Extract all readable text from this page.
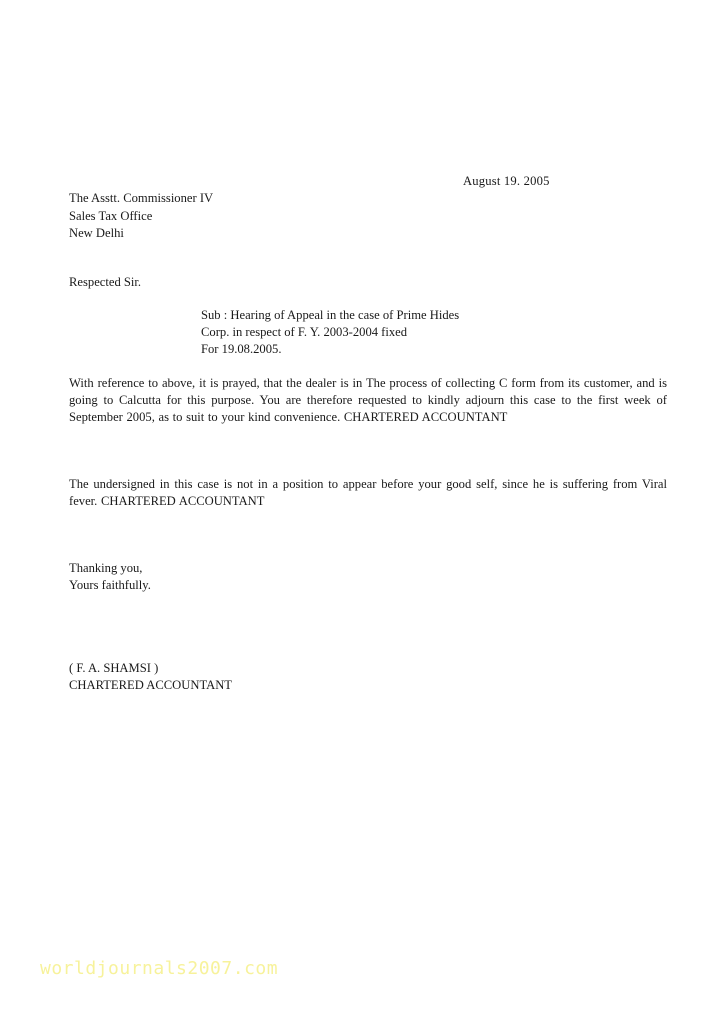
August 19. 2005
The Asstt. Commissioner IV
Sales Tax Office
New Delhi
Respected Sir.
Sub : Hearing of Appeal in the case of Prime Hides
Corp. in respect of F. Y. 2003-2004 fixed
For 19.08.2005.
With reference to above, it is prayed, that the dealer is in The process of collecting C form from its customer, and is going to Calcutta for this purpose. You are therefore requested to kindly adjourn this case to the first week of September 2005, as to suit to your kind convenience. CHARTERED ACCOUNTANT
The undersigned in this case is not in a position to appear before your good self, since he is suffering from Viral fever. CHARTERED ACCOUNTANT
Thanking you,
Yours faithfully.
( F. A. SHAMSI )
CHARTERED ACCOUNTANT
worldjournals2007.com
